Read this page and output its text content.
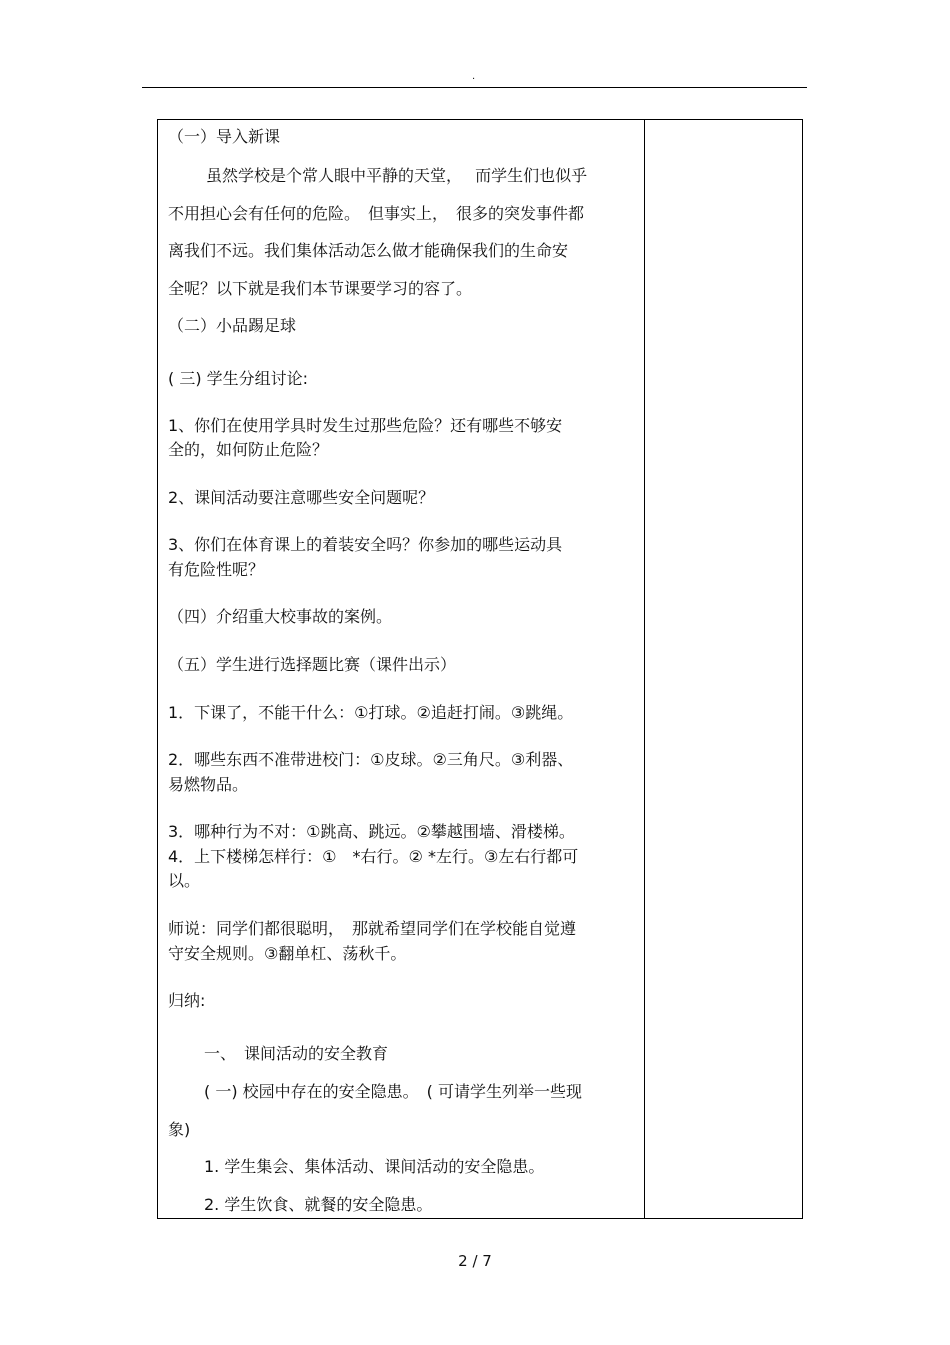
.
（一）导入新课
虽然学校是个常人眼中平静的天堂，　 而学生们也似乎
不用担心会有任何的危险。　但事实上，　很多的突发事件都
离我们不远。我们集体活动怎么做才能确保我们的生命安
全呢？以下就是我们本节课要学习的容了。
（二）小品踢足球
( 三) 学生分组讨论:
1、你们在使用学具时发生过那些危险？还有哪些不够安
全的，如何防止危险？
2、课间活动要注意哪些安全问题呢？
3、你们在体育课上的着装安全吗？你参加的哪些运动具
有危险性呢？
（四）介绍重大校事故的案例。
（五）学生进行选择题比赛（课件出示）
1．下课了，不能干什么：①打球。②追赶打闹。③跳绳。
2．哪些东西不准带进校门：①皮球。②三角尺。③利器、
易燃物品。
3．哪种行为不对：①跳高、跳远。②攀越围墙、滑楼梯。
4．上下楼梯怎样行：①　*右行。② *左行。③左右行都可
以。
师说：同学们都很聪明，　那就希望同学们在学校能自觉遵
守安全规则。③翻单杠、荡秋千。
归纳:
一、　课间活动的安全教育
( 一) 校园中存在的安全隐患。　( 可请学生列举一些现
象)
1. 学生集会、集体活动、课间活动的安全隐患。
2. 学生饮食、就餐的安全隐患。
2 / 7
